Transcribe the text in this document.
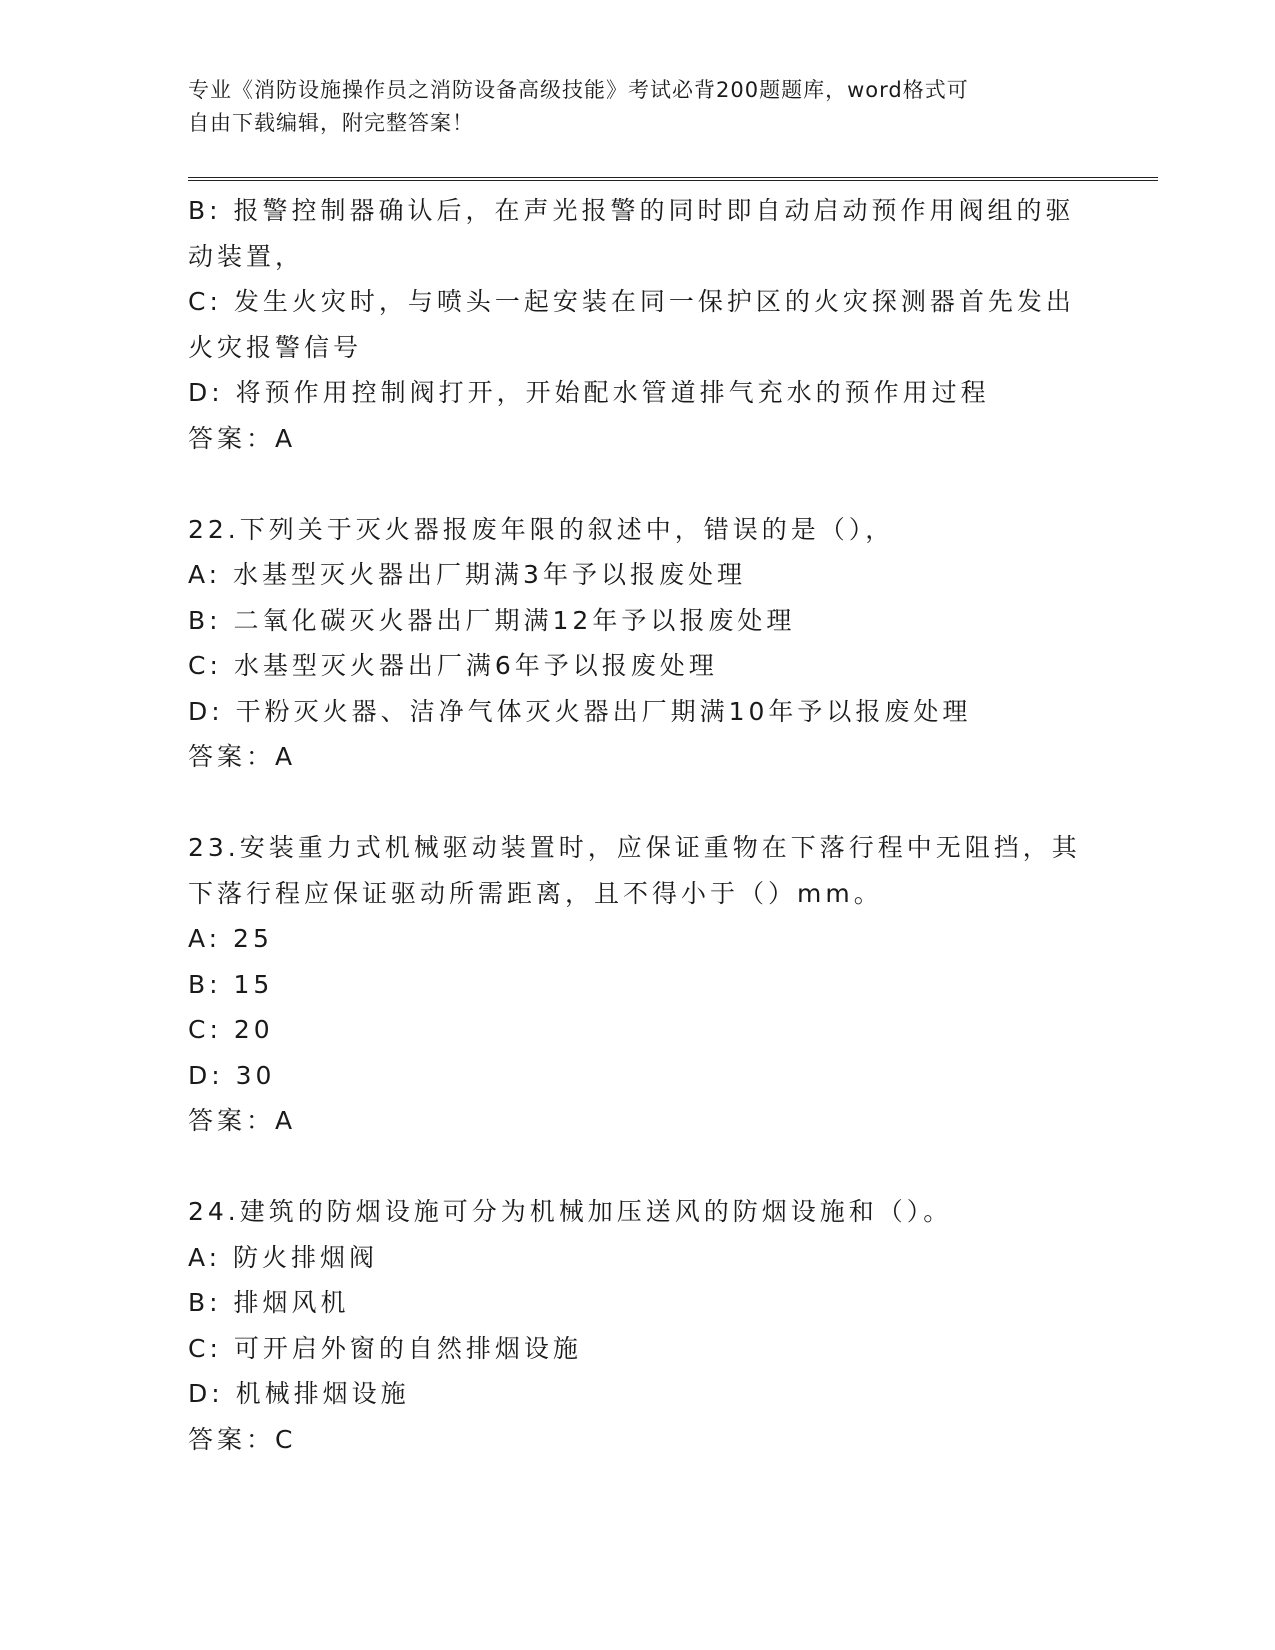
专业《消防设施操作员之消防设备高级技能》考试必背200题题库，word格式可
自由下载编辑，附完整答案！
B: 报警控制器确认后，在声光报警的同时即自动启动预作用阀组的驱
动装置，
C: 发生火灾时，与喷头一起安装在同一保护区的火灾探测器首先发出
火灾报警信号
D: 将预作用控制阀打开，开始配水管道排气充水的预作用过程
答案：A
22.下列关于灭火器报废年限的叙述中，错误的是（），
A: 水基型灭火器出厂期满3年予以报废处理
B: 二氧化碳灭火器出厂期满12年予以报废处理
C: 水基型灭火器出厂满6年予以报废处理
D: 干粉灭火器、洁净气体灭火器出厂期满10年予以报废处理
答案：A
23.安装重力式机械驱动装置时，应保证重物在下落行程中无阻挡，其
下落行程应保证驱动所需距离，且不得小于（）mm。
A: 25
B: 15
C: 20
D: 30
答案：A
24.建筑的防烟设施可分为机械加压送风的防烟设施和（）。
A: 防火排烟阀
B: 排烟风机
C: 可开启外窗的自然排烟设施
D: 机械排烟设施
答案：C
